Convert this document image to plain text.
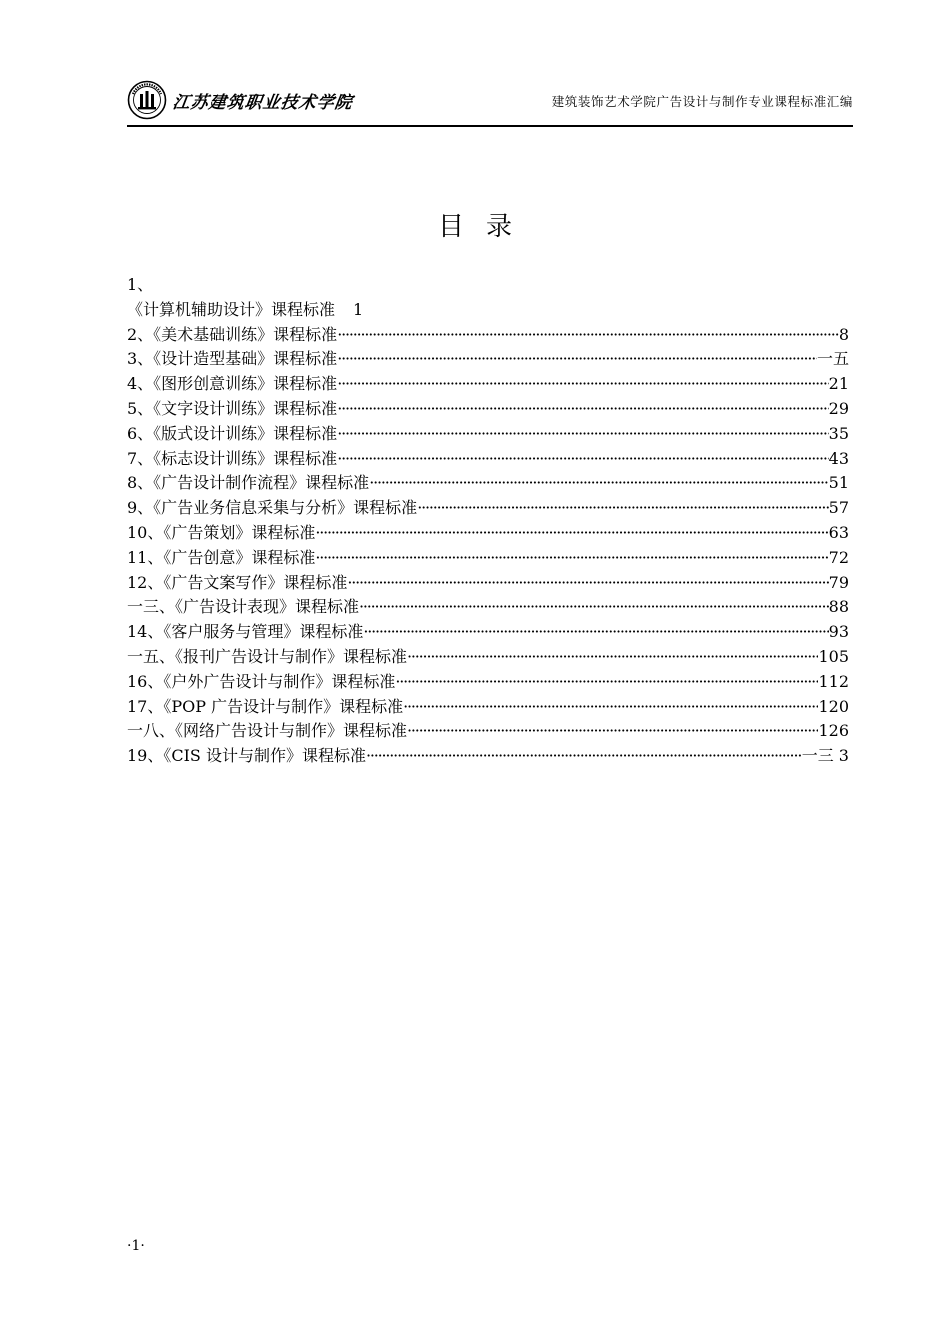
江苏建筑职业技术学院	建筑装饰艺术学院广告设计与制作专业课程标准汇编
目录
1、
《计算机辅助设计》课程标准 1
2、《美术基础训练》课程标准 ·····	8
3、《设计造型基础》课程标准 ·····	一五
4、《图形创意训练》课程标准 ·····	21
5、《文字设计训练》课程标准 ·····	29
6、《版式设计训练》课程标准 ·····	35
7、《标志设计训练》课程标准 ·····	43
8、《广告设计制作流程》课程标准 ·····	51
9、《广告业务信息采集与分析》课程标准 ·····	57
10、《广告策划》课程标准 ·····	63
11、《广告创意》课程标准 ·····	72
12、《广告文案写作》课程标准 ·····	79
一三、《广告设计表现》课程标准 ·····	88
14、《客户服务与管理》课程标准 ·····	93
一五、《报刊广告设计与制作》课程标准 ·····	105
16、《户外广告设计与制作》课程标准 ·····	112
17、《POP 广告设计与制作》课程标准 ·····	120
一八、《网络广告设计与制作》课程标准 ·····	126
19、《CIS 设计与制作》课程标准 ·····	一三 3
·1·
